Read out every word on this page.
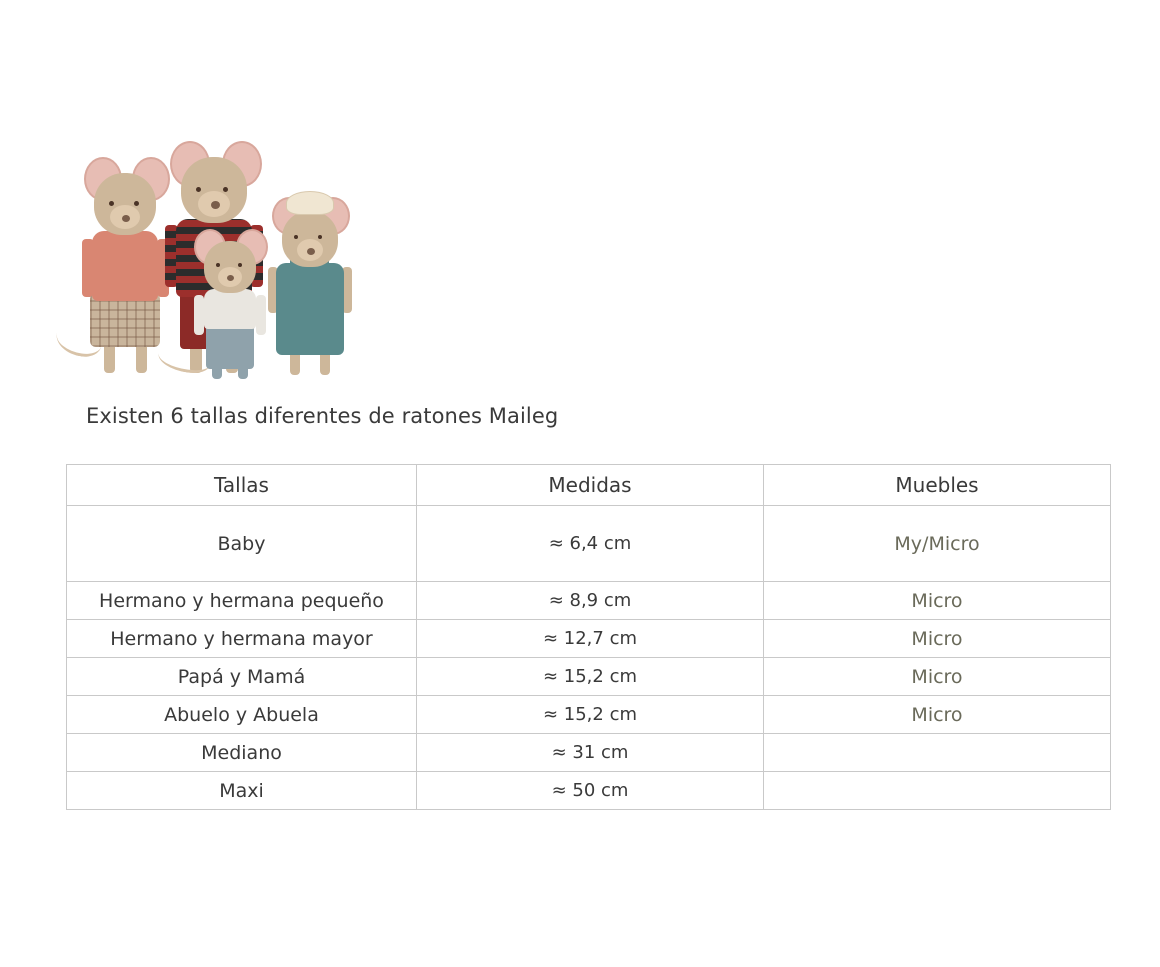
Existen 6 tallas diferentes de ratones Maileg
Tallas	Medidas	Muebles
Baby	≈ 6,4 cm	My/Micro
Hermano y hermana pequeño	≈ 8,9 cm	Micro
Hermano y hermana mayor	≈ 12,7 cm	Micro
Papá y Mamá	≈ 15,2 cm	Micro
Abuelo y Abuela	≈ 15,2 cm	Micro
Mediano	≈ 31 cm	
Maxi	≈ 50 cm	
